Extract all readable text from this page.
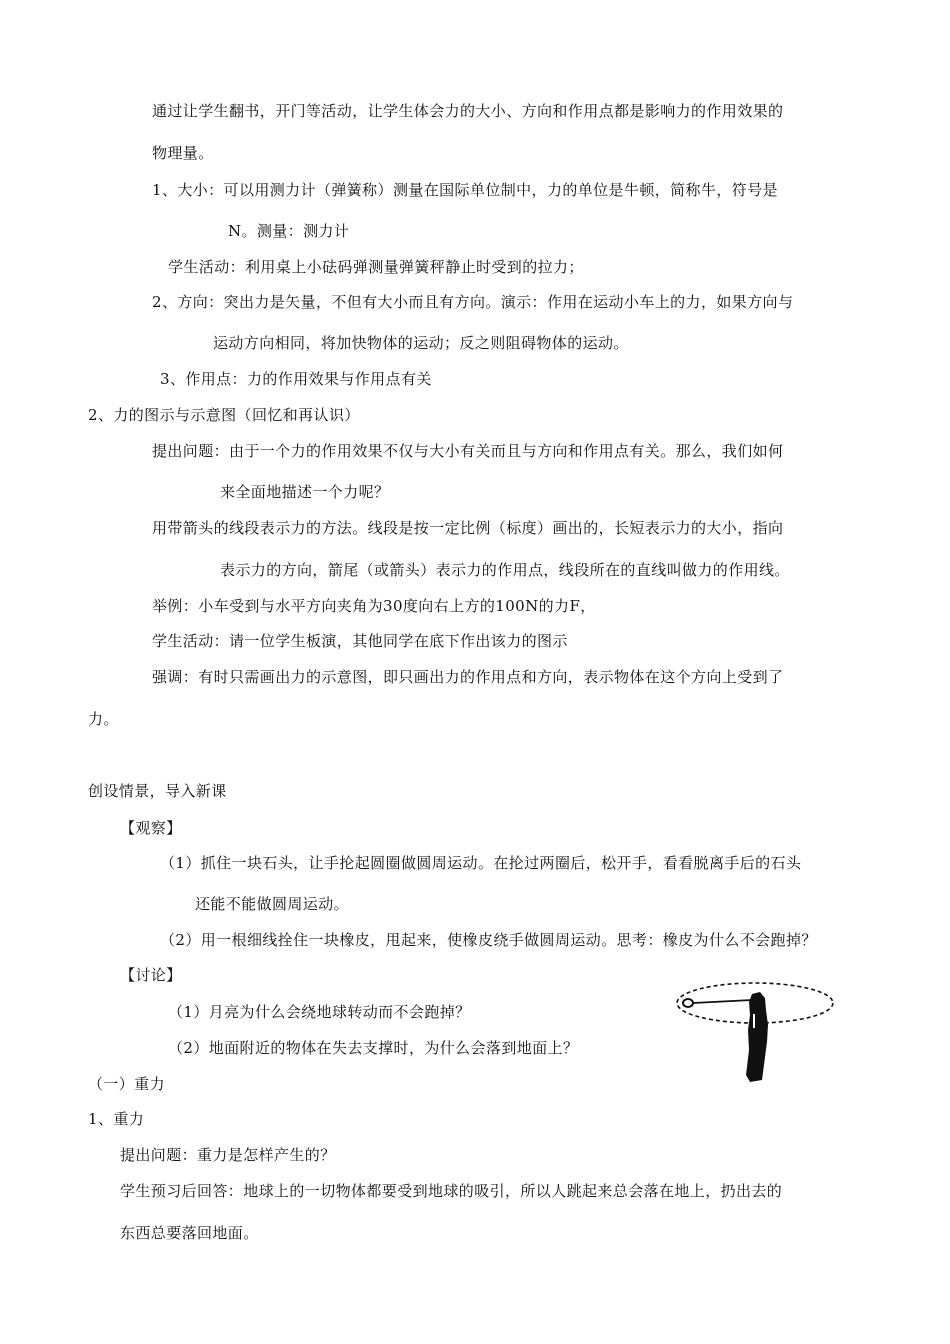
通过让学生翻书，开门等活动，让学生体会力的大小、方向和作用点都是影响力的作用效果的
物理量。
1、大小：可以用测力计（弹簧称）测量在国际单位制中，力的单位是牛顿，简称牛，符号是
N。测量：测力计
学生活动：利用桌上小砝码弹测量弹簧秤静止时受到的拉力；
2、方向：突出力是矢量，不但有大小而且有方向。演示：作用在运动小车上的力，如果方向与
运动方向相同，将加快物体的运动；反之则阻碍物体的运动。
3、作用点：力的作用效果与作用点有关
2、力的图示与示意图（回忆和再认识）
提出问题：由于一个力的作用效果不仅与大小有关而且与方向和作用点有关。那么，我们如何
来全面地描述一个力呢？
用带箭头的线段表示力的方法。线段是按一定比例（标度）画出的，长短表示力的大小，指向
表示力的方向，箭尾（或箭头）表示力的作用点，线段所在的直线叫做力的作用线。
举例：小车受到与水平方向夹角为30度向右上方的100N的力F，
学生活动：请一位学生板演，其他同学在底下作出该力的图示
强调：有时只需画出力的示意图，即只画出力的作用点和方向，表示物体在这个方向上受到了
力。
创设情景，导入新课
【观察】
（1）抓住一块石头，让手抡起圆圈做圆周运动。在抡过两圈后，松开手，看看脱离手后的石头
还能不能做圆周运动。
（2）用一根细线拴住一块橡皮，甩起来，使橡皮绕手做圆周运动。思考：橡皮为什么不会跑掉？
【讨论】
（1）月亮为什么会绕地球转动而不会跑掉？
（2）地面附近的物体在失去支撑时，为什么会落到地面上？
（一）重力
1、重力
提出问题：重力是怎样产生的？
学生预习后回答：地球上的一切物体都要受到地球的吸引，所以人跳起来总会落在地上，扔出去的
东西总要落回地面。
